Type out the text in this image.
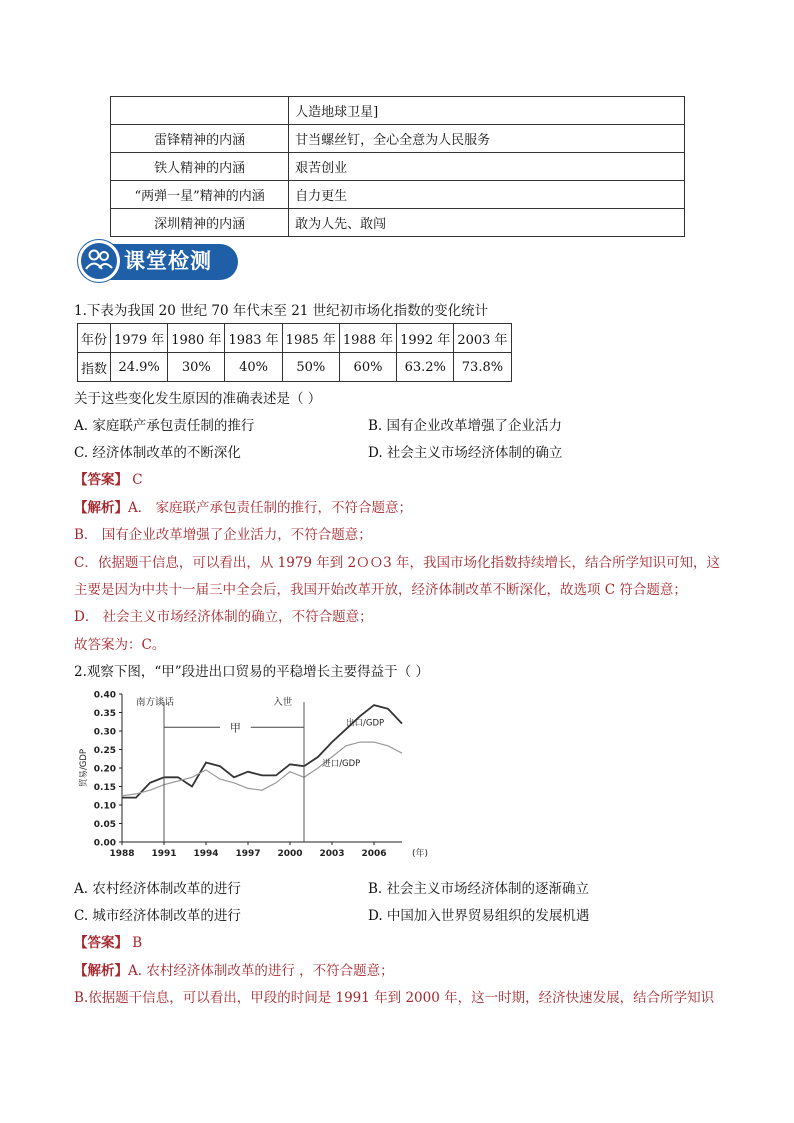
	人造地球卫星]
雷锋精神的内涵	甘当螺丝钉，全心全意为人民服务
铁人精神的内涵	艰苦创业
“两弹一星”精神的内涵	自力更生
深圳精神的内涵	敢为人先、敢闯
课堂检测
1.下表为我国 20 世纪 70 年代末至 21 世纪初市场化指数的变化统计
年份	1979 年	1980 年	1983 年	1985 年	1988 年	1992 年	2003 年
指数	24.9%	30%	40%	50%	60%	63.2%	73.8%
关于这些变化发生原因的准确表述是（ ）
A. 家庭联产承包责任制的推行	B. 国有企业改革增强了企业活力
C. 经济体制改革的不断深化	D. 社会主义市场经济体制的确立
【答案】 C
【解析】A． 家庭联产承包责任制的推行，不符合题意；
B． 国有企业改革增强了企业活力，不符合题意；
C．依据题干信息，可以看出，从 1979 年到 2ＯＯ3 年，我国市场化指数持续增长，结合所学知识可知，这
主要是因为中共十一届三中全会后，我国开始改革开放，经济体制改革不断深化，故选项 C 符合题意；
D． 社会主义市场经济体制的确立，不符合题意；
故答案为：C。
2.观察下图，“甲”段进出口贸易的平稳增长主要得益于（ ）
0.00
0.05
0.10
0.15
0.20
0.25
0.30
0.35
0.40
1988 1991 1994 1997 2000 2003 2006	(年)
贸易/GDP
南方谈话	入世
甲	出口/GDP
进口/GDP
A. 农村经济体制改革的进行	B. 社会主义市场经济体制的逐渐确立
C. 城市经济体制改革的进行	D. 中国加入世界贸易组织的发展机遇
【答案】 B
【解析】A. 农村经济体制改革的进行 ，不符合题意；
B.依据题干信息，可以看出，甲段的时间是 1991 年到 2000 年，这一时期，经济快速发展，结合所学知识
